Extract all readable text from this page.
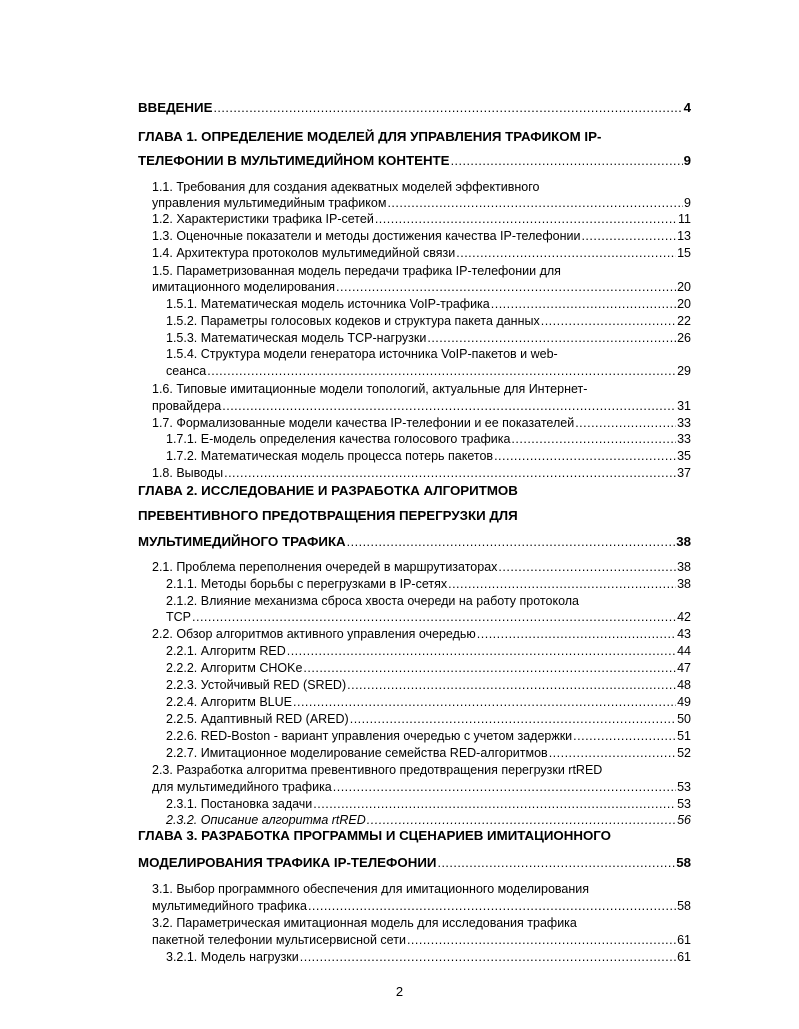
ВВЕДЕНИЕ .....	4
ГЛАВА 1. ОПРЕДЕЛЕНИЕ МОДЕЛЕЙ ДЛЯ УПРАВЛЕНИЯ ТРАФИКОМ IP-
ТЕЛЕФОНИИ В МУЛЬТИМЕДИЙНОМ КОНТЕНТЕ .....	9
1.1. Требования для создания адекватных моделей эффективного
управления мультимедийным трафиком .....	9
1.2. Характеристики трафика IP-сетей .....	11
1.3. Оценочные показатели и методы достижения качества IP-телефонии .....	13
1.4. Архитектура протоколов мультимедийной связи .....	15
1.5. Параметризованная модель передачи трафика IP-телефонии для
имитационного моделирования .....	20
1.5.1. Математическая модель источника VoIP-трафика .....	20
1.5.2. Параметры голосовых кодеков и структура пакета данных .....	22
1.5.3. Математическая модель TCP-нагрузки .....	26
1.5.4. Структура модели генератора источника VoIP-пакетов и web-
сеанса .....	29
1.6. Типовые имитационные модели топологий, актуальные для Интернет-
провайдера .....	31
1.7. Формализованные модели качества IP-телефонии и ее показателей .....	33
1.7.1. Е-модель определения качества голосового трафика .....	33
1.7.2. Математическая модель процесса потерь пакетов .....	35
1.8. Выводы .....	37
ГЛАВА 2. ИССЛЕДОВАНИЕ И РАЗРАБОТКА АЛГОРИТМОВ
ПРЕВЕНТИВНОГО ПРЕДОТВРАЩЕНИЯ ПЕРЕГРУЗКИ ДЛЯ
МУЛЬТИМЕДИЙНОГО ТРАФИКА .....	38
2.1. Проблема переполнения очередей в маршрутизаторах .....	38
2.1.1. Методы борьбы с перегрузками в IP-сетях .....	38
2.1.2. Влияние механизма сброса хвоста очереди на работу протокола
TCP .....	42
2.2. Обзор алгоритмов активного управления очередью .....	43
2.2.1. Алгоритм RED .....	44
2.2.2. Алгоритм CHOKe .....	47
2.2.3. Устойчивый RED (SRED) .....	48
2.2.4. Алгоритм BLUE .....	49
2.2.5. Адаптивный RED (ARED) .....	50
2.2.6. RED-Boston - вариант управления очередью с учетом задержки .....	51
2.2.7. Имитационное моделирование семейства RED-алгоритмов .....	52
2.3. Разработка алгоритма превентивного предотвращения перегрузки rtRED
для мультимедийного трафика .....	53
2.3.1. Постановка задачи .....	53
2.3.2. Описание алгоритма rtRED .....	56
ГЛАВА 3. РАЗРАБОТКА ПРОГРАММЫ И СЦЕНАРИЕВ ИМИТАЦИОННОГО
МОДЕЛИРОВАНИЯ ТРАФИКА IP-ТЕЛЕФОНИИ .....	58
3.1. Выбор программного обеспечения для имитационного моделирования
мультимедийного трафика .....	58
3.2. Параметрическая имитационная модель для исследования трафика
пакетной телефонии мультисервисной сети .....	61
3.2.1. Модель нагрузки .....	61
2
